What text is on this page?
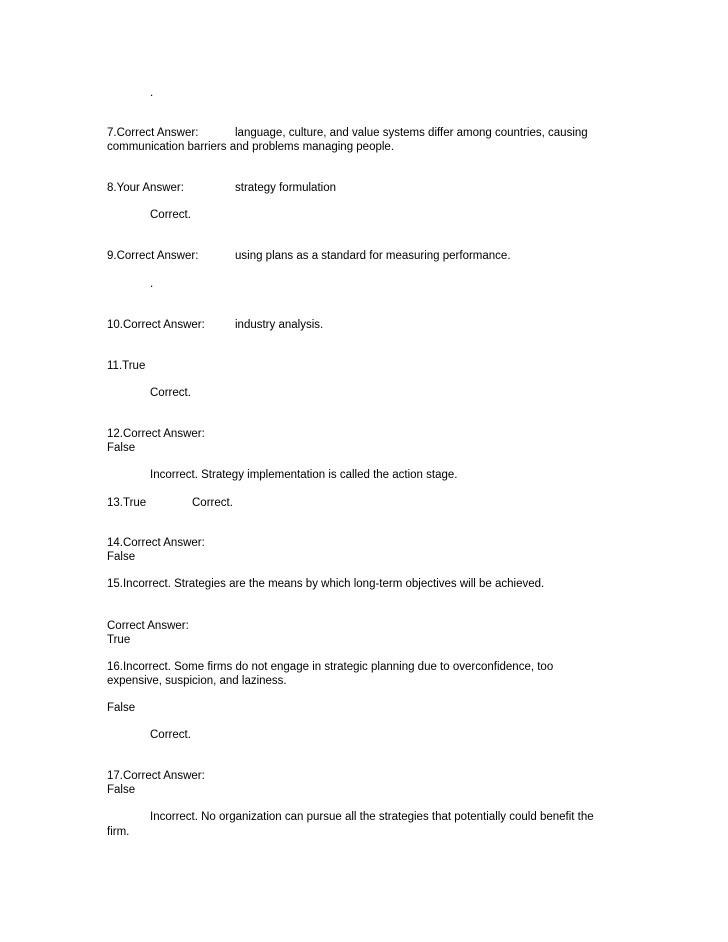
.
7.Correct Answer:	language, culture, and value systems differ among countries, causing
communication barriers and problems managing people.
8.Your Answer:	strategy formulation
Correct.
9.Correct Answer:	using plans as a standard for measuring performance.
.
10.Correct Answer:	industry analysis.
11.True
Correct.
12.Correct Answer:
False
Incorrect. Strategy implementation is called the action stage.
13.True	Correct.
14.Correct Answer:
False
15.Incorrect. Strategies are the means by which long-term objectives will be achieved.
Correct Answer:
True
16.Incorrect. Some firms do not engage in strategic planning due to overconfidence, too
expensive, suspicion, and laziness.
False
Correct.
17.Correct Answer:
False
Incorrect. No organization can pursue all the strategies that potentially could benefit the
firm.
